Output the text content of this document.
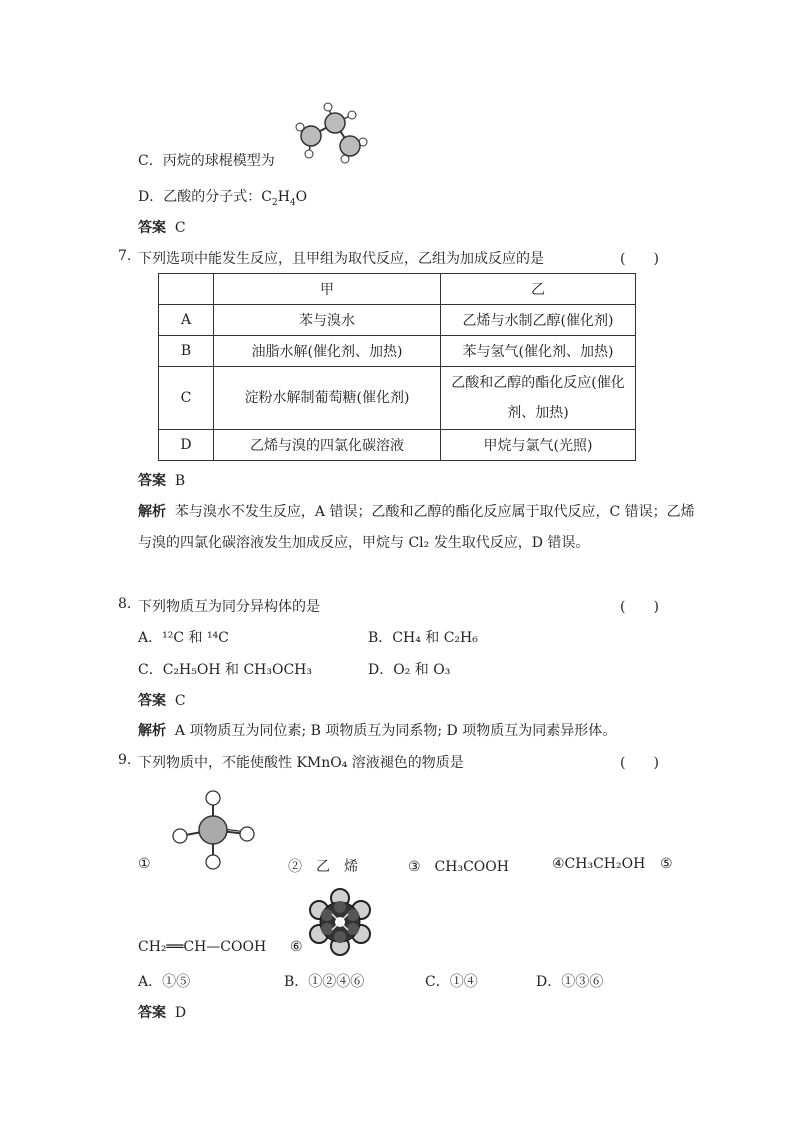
C．丙烷的球棍模型为
D．乙酸的分子式：$C_2H_4O$
答案 C
7. 下列选项中能发生反应，且甲组为取代反应，乙组为加成反应的是	(　　)
	甲	乙
A	苯与溴水	乙烯与水制乙醇(催化剂)
B	油脂水解(催化剂、加热)	苯与氢气(催化剂、加热)
C	淀粉水解制葡萄糖(催化剂)	乙酸和乙醇的酯化反应(催化剂、加热)
D	乙烯与溴的四氯化碳溶液	甲烷与氯气(光照)
答案 B
解析 苯与溴水不发生反应，A 错误；乙酸和乙醇的酯化反应属于取代反应，C 错误；乙烯与溴的四氯化碳溶液发生加成反应，甲烷与 Cl₂ 发生取代反应，D 错误。
8. 下列物质互为同分异构体的是	(　　)
A．¹²C 和 ¹⁴C	B．CH₄ 和 C₂H₆
C．C₂H₅OH 和 CH₃OCH₃	D．O₂ 和 O₃
答案 C
解析 A 项物质互为同位素; B 项物质互为同系物; D 项物质互为同素异形体。
9. 下列物质中，不能使酸性 KMnO₄ 溶液褪色的物质是	(　　)
①	②　乙　烯	③　CH₃COOH	④CH₃CH₂OH ⑤
CH₂══CH—COOH ⑥
A．①⑤	B．①②④⑥	C．①④	D．①③⑥
答案 D
